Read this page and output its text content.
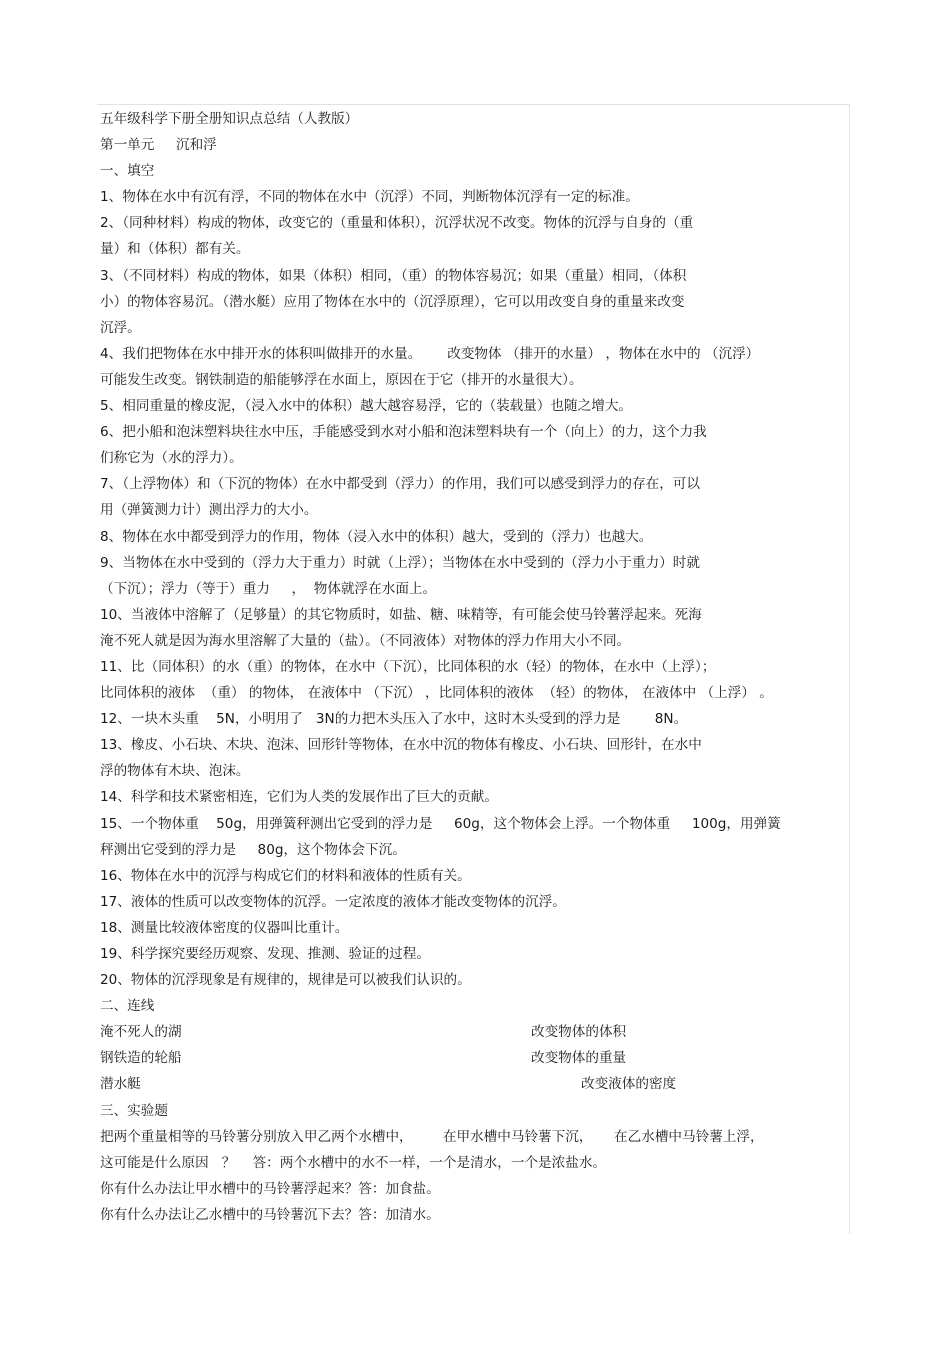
五年级科学下册全册知识点总结（人教版）
第一单元     沉和浮
一、填空
1、物体在水中有沉有浮，不同的物体在水中（沉浮）不同，判断物体沉浮有一定的标准。
2、（同种材料）构成的物体，改变它的（重量和体积），沉浮状况不改变。物体的沉浮与自身的（重
量）和（体积）都有关。
3、（不同材料）构成的物体，如果（体积）相同，（重）的物体容易沉；如果（重量）相同，（体积
小）的物体容易沉。（潜水艇）应用了物体在水中的（沉浮原理），它可以用改变自身的重量来改变
沉浮。
4、我们把物体在水中排开水的体积叫做排开的水量。      改变物体 （排开的水量） ，物体在水中的 （沉浮）
可能发生改变。钢铁制造的船能够浮在水面上，原因在于它（排开的水量很大）。
5、相同重量的橡皮泥，（浸入水中的体积）越大越容易浮，它的（装载量）也随之增大。
6、把小船和泡沫塑料块往水中压，手能感受到水对小船和泡沫塑料块有一个（向上）的力，这个力我
们称它为（水的浮力）。
7、（上浮物体）和（下沉的物体）在水中都受到（浮力）的作用，我们可以感受到浮力的存在，可以
用（弹簧测力计）测出浮力的大小。
8、物体在水中都受到浮力的作用，物体（浸入水中的体积）越大，受到的（浮力）也越大。
9、当物体在水中受到的（浮力大于重力）时就（上浮）；当物体在水中受到的（浮力小于重力）时就
（下沉）；浮力（等于）重力     ，  物体就浮在水面上。
10、当液体中溶解了（足够量）的其它物质时，如盐、糖、味精等，有可能会使马铃薯浮起来。死海
淹不死人就是因为海水里溶解了大量的（盐）。（不同液体）对物体的浮力作用大小不同。
11、比（同体积）的水（重）的物体，在水中（下沉），比同体积的水（轻）的物体，在水中（上浮）；
比同体积的液体  （重） 的物体， 在液体中 （下沉） ，比同体积的液体  （轻）的物体， 在液体中 （上浮） 。
12、一块木头重    5N，小明用了   3N的力把木头压入了水中，这时木头受到的浮力是        8N。
13、橡皮、小石块、木块、泡沫、回形针等物体，在水中沉的物体有橡皮、小石块、回形针，在水中
浮的物体有木块、泡沫。
14、科学和技术紧密相连，它们为人类的发展作出了巨大的贡献。
15、一个物体重    50g，用弹簧秤测出它受到的浮力是     60g，这个物体会上浮。一个物体重     100g，用弹簧
秤测出它受到的浮力是     80g，这个物体会下沉。
16、物体在水中的沉浮与构成它们的材料和液体的性质有关。
17、液体的性质可以改变物体的沉浮。一定浓度的液体才能改变物体的沉浮。
18、测量比较液体密度的仪器叫比重计。
19、科学探究要经历观察、发现、推测、验证的过程。
20、物体的沉浮现象是有规律的，规律是可以被我们认识的。
二、连线
淹不死人的湖	改变物体的体积
钢铁造的轮船	改变物体的重量
潜水艇	改变液体的密度
三、实验题
把两个重量相等的马铃薯分别放入甲乙两个水槽中，       在甲水槽中马铃薯下沉，     在乙水槽中马铃薯上浮，
这可能是什么原因   ？    答：两个水槽中的水不一样，一个是清水，一个是浓盐水。
你有什么办法让甲水槽中的马铃薯浮起来？答：加食盐。
你有什么办法让乙水槽中的马铃薯沉下去？答：加清水。
